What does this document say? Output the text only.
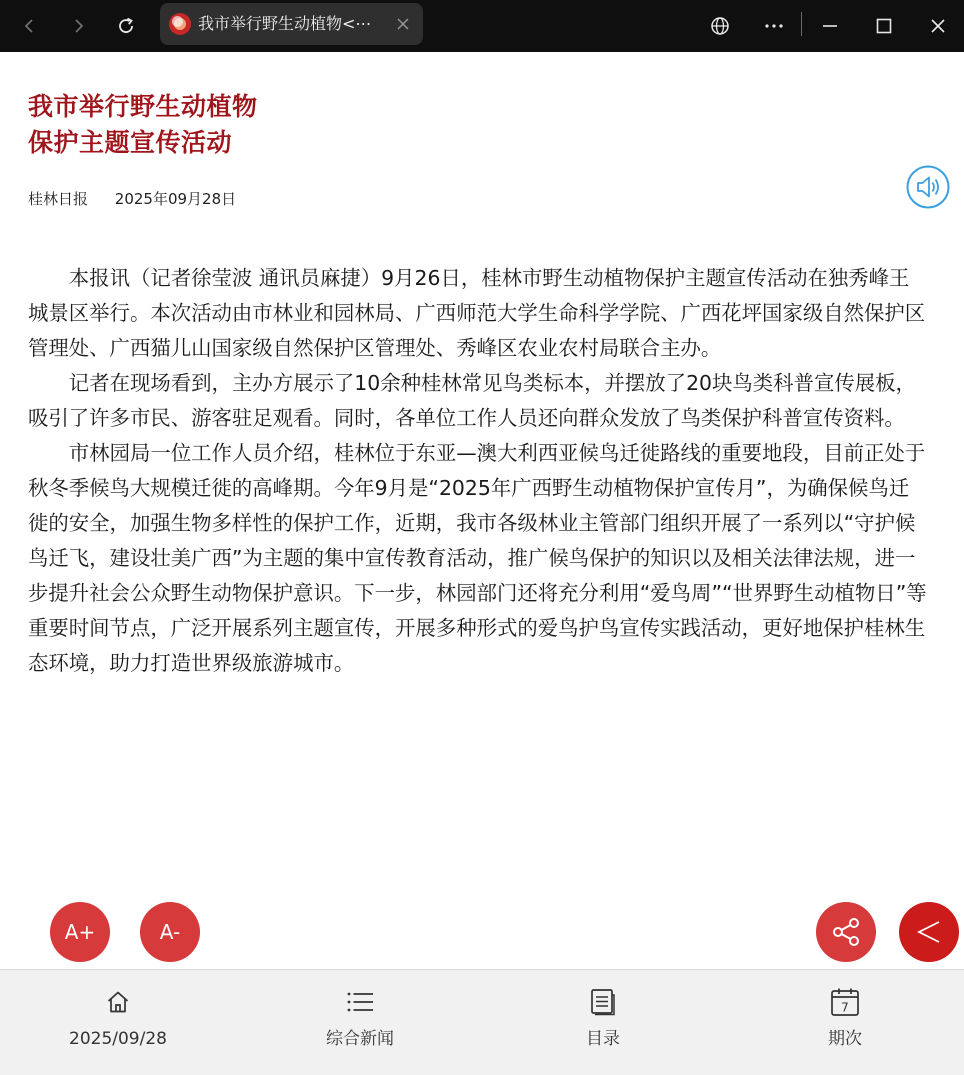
我市举行野生动植物<⋯
我市举行野生动植物
保护主题宣传活动
桂林日报 2025年09月28日

本报讯（记者徐莹波 通讯员麻捷）9月26日，桂林市野生动植物保护主题宣传活动在独秀峰王城景区举行。本次活动由市林业和园林局、广西师范大学生命科学学院、广西花坪国家级自然保护区管理处、广西猫儿山国家级自然保护区管理处、秀峰区农业农村局联合主办。

记者在现场看到，主办方展示了10余种桂林常见鸟类标本，并摆放了20块鸟类科普宣传展板，吸引了许多市民、游客驻足观看。同时，各单位工作人员还向群众发放了鸟类保护科普宣传资料。

市林园局一位工作人员介绍，桂林位于东亚—澳大利西亚候鸟迁徙路线的重要地段，目前正处于秋冬季候鸟大规模迁徙的高峰期。今年9月是“2025年广西野生动植物保护宣传月”，为确保候鸟迁徙的安全，加强生物多样性的保护工作，近期，我市各级林业主管部门组织开展了一系列以“守护候鸟迁飞，建设壮美广西”为主题的集中宣传教育活动，推广候鸟保护的知识以及相关法律法规，进一步提升社会公众野生动物保护意识。下一步，林园部门还将充分利用“爱鸟周”“世界野生动植物日”等重要时间节点，广泛开展系列主题宣传，开展多种形式的爱鸟护鸟宣传实践活动，更好地保护桂林生态环境，助力打造世界级旅游城市。

A+	A-
2025/09/28	综合新闻	目录
7
期次
